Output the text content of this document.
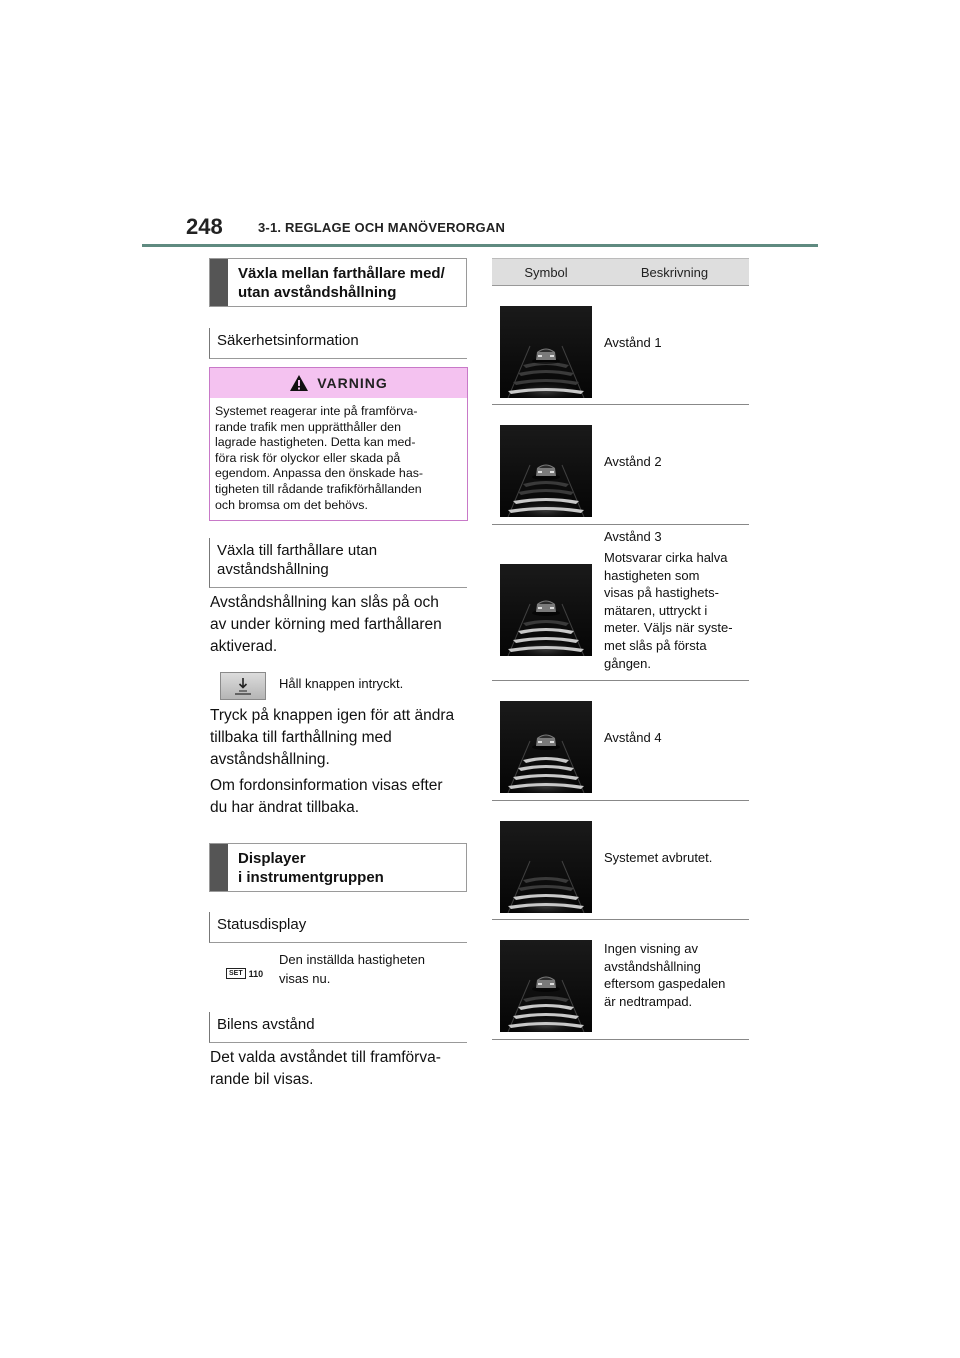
248	3-1. REGLAGE OCH MANÖVERORGAN
Växla mellan farthållare med/
utan avståndshållning
Säkerhetsinformation
VARNING
Systemet reagerar inte på framförva-
rande trafik men upprätthåller den
lagrade hastigheten. Detta kan med-
föra risk för olyckor eller skada på
egendom. Anpassa den önskade has-
tigheten till rådande trafikförhållanden
och bromsa om det behövs.
Växla till farthållare utan
avståndshållning
Avståndshållning kan slås på och
av under körning med farthållaren
aktiverad.
Håll knappen intryckt.
Tryck på knappen igen för att ändra
tillbaka till farthållning med
avståndshållning.
Om fordonsinformation visas efter
du har ändrat tillbaka.
Displayer
i instrumentgruppen
Statusdisplay
SET 110
Den inställda hastigheten
visas nu.
Bilens avstånd
Det valda avståndet till framförva-
rande bil visas.
Symbol	Beskrivning
Avstånd 1
Avstånd 2
Avstånd 3
Motsvarar cirka halva
hastigheten som
visas på hastighets-
mätaren, uttryckt i
meter. Väljs när syste-
met slås på första
gången.
Avstånd 4
Systemet avbrutet.
Ingen visning av
avståndshållning
eftersom gaspedalen
är nedtrampad.
